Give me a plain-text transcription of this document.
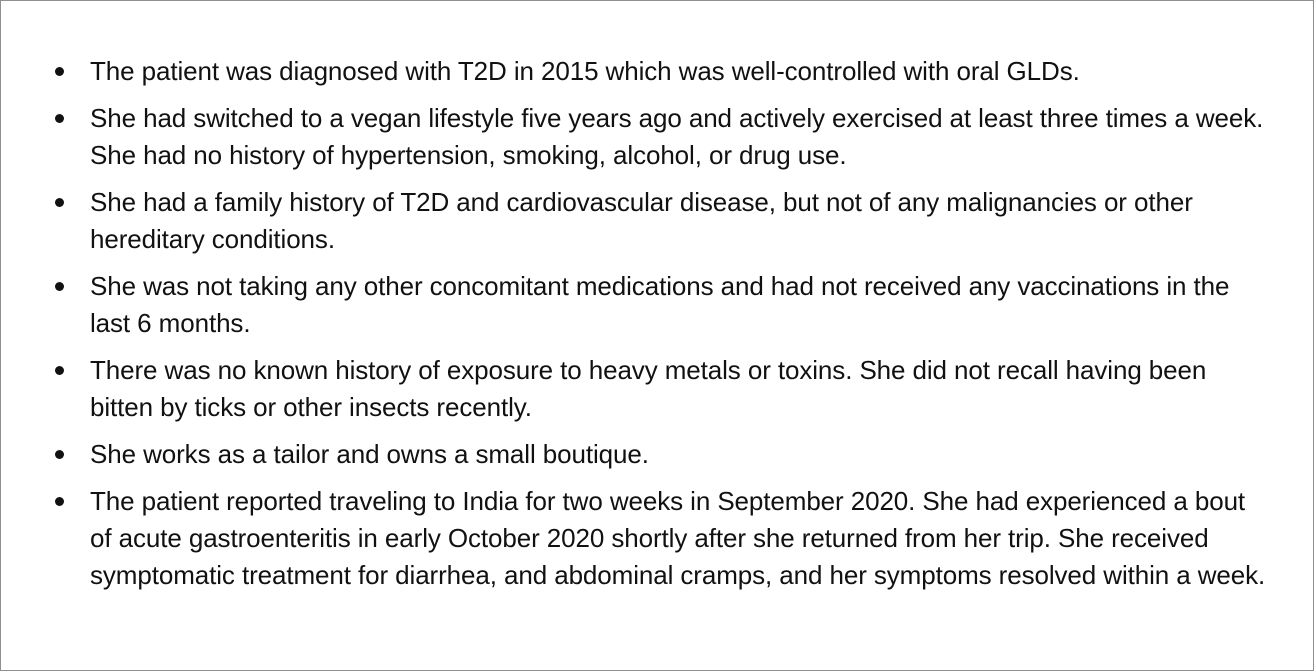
The patient was diagnosed with T2D in 2015 which was well-controlled with oral GLDs.
She had switched to a vegan lifestyle five years ago and actively exercised at least three times a week. She had no history of hypertension, smoking, alcohol, or drug use.
She had a family history of T2D and cardiovascular disease, but not of any malignancies or other hereditary conditions.
She was not taking any other concomitant medications and had not received any vaccinations in the last 6 months.
There was no known history of exposure to heavy metals or toxins. She did not recall having been bitten by ticks or other insects recently.
She works as a tailor and owns a small boutique.
The patient reported traveling to India for two weeks in September 2020. She had experienced a bout of acute gastroenteritis in early October 2020 shortly after she returned from her trip. She received symptomatic treatment for diarrhea, and abdominal cramps, and her symptoms resolved within a week.
